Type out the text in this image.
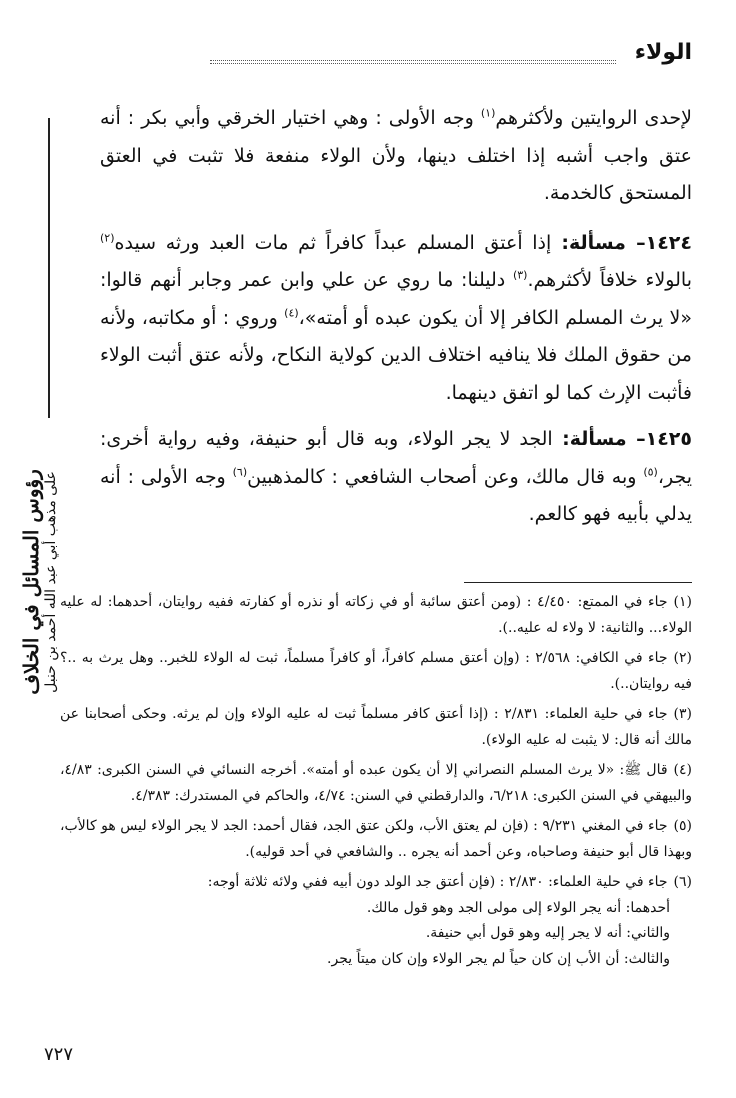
الولاء
رؤوس المسائل في الخلاف على مذهب أبي عبد الله أحمد بن حنبل

لإحدى الروايتين ولأكثرهم$^{(١)}$ وجه الأولى : وهي اختيار الخرقي وأبي بكر : أنه عتق واجب أشبه إذا اختلف دينها، ولأن الولاء منفعة فلا تثبت في العتق المستحق كالخدمة.

١٤٢٤– مسألة: إذا أعتق المسلم عبداً كافراً ثم مات العبد ورثه سيده$^{(٢)}$ بالولاء خلافاً لأكثرهم.$^{(٣)}$ دليلنا: ما روي عن علي وابن عمر وجابر أنهم قالوا: «لا يرث المسلم الكافر إلا أن يكون عبده أو أمته»،$^{(٤)}$ وروي : أو مكاتبه، ولأنه من حقوق الملك فلا ينافيه اختلاف الدين كولاية النكاح، ولأنه عتق أثبت الولاء فأثبت الإرث كما لو اتفق دينهما.

١٤٢٥– مسألة: الجد لا يجر الولاء، وبه قال أبو حنيفة، وفيه رواية أخرى: يجر،$^{(٥)}$ وبه قال مالك، وعن أصحاب الشافعي : كالمذهبين$^{(٦)}$ وجه الأولى : أنه يدلي بأبيه فهو كالعم.

(١)جاء في الممتع: ٤/٤٥٠ : (ومن أعتق سائبة أو في زكاته أو نذره أو كفارته ففيه روايتان، أحدهما: له عليه الولاء... والثانية: لا ولاء له عليه..).
(٢)جاء في الكافي: ٢/٥٦٨ : (وإن أعتق مسلم كافراً، أو كافراً مسلماً، ثبت له الولاء للخبر.. وهل يرث به ..؟ فيه روايتان..).
(٣)جاء في حلية العلماء: ٢/٨٣١ : (إذا أعتق كافر مسلماً ثبت له عليه الولاء وإن لم يرثه. وحكى أصحابنا عن مالك أنه قال: لا يثبت له عليه الولاء).
(٤)قال ﷺ: «لا يرث المسلم النصراني إلا أن يكون عبده أو أمته». أخرجه النسائي في السنن الكبرى: ٤/٨٣، والبيهقي في السنن الكبرى: ٦/٢١٨، والدارقطني في السنن: ٤/٧٤، والحاكم في المستدرك: ٤/٣٨٣.
(٥)جاء في المغني ٩/٢٣١ : (فإن لم يعتق الأب، ولكن عتق الجد، فقال أحمد: الجد لا يجر الولاء ليس هو كالأب، وبهذا قال أبو حنيفة وصاحباه، وعن أحمد أنه يجره .. والشافعي في أحد قوليه).
(٦)جاء في حلية العلماء: ٢/٨٣٠ : (فإن أعتق جد الولد دون أبيه ففي ولائه ثلاثة أوجه:
أحدهما: أنه يجر الولاء إلى مولى الجد وهو قول مالك.
والثاني: أنه لا يجر إليه وهو قول أبي حنيفة.
والثالث: أن الأب إن كان حياً لم يجر الولاء وإن كان ميتاً يجر.
٧٢٧
